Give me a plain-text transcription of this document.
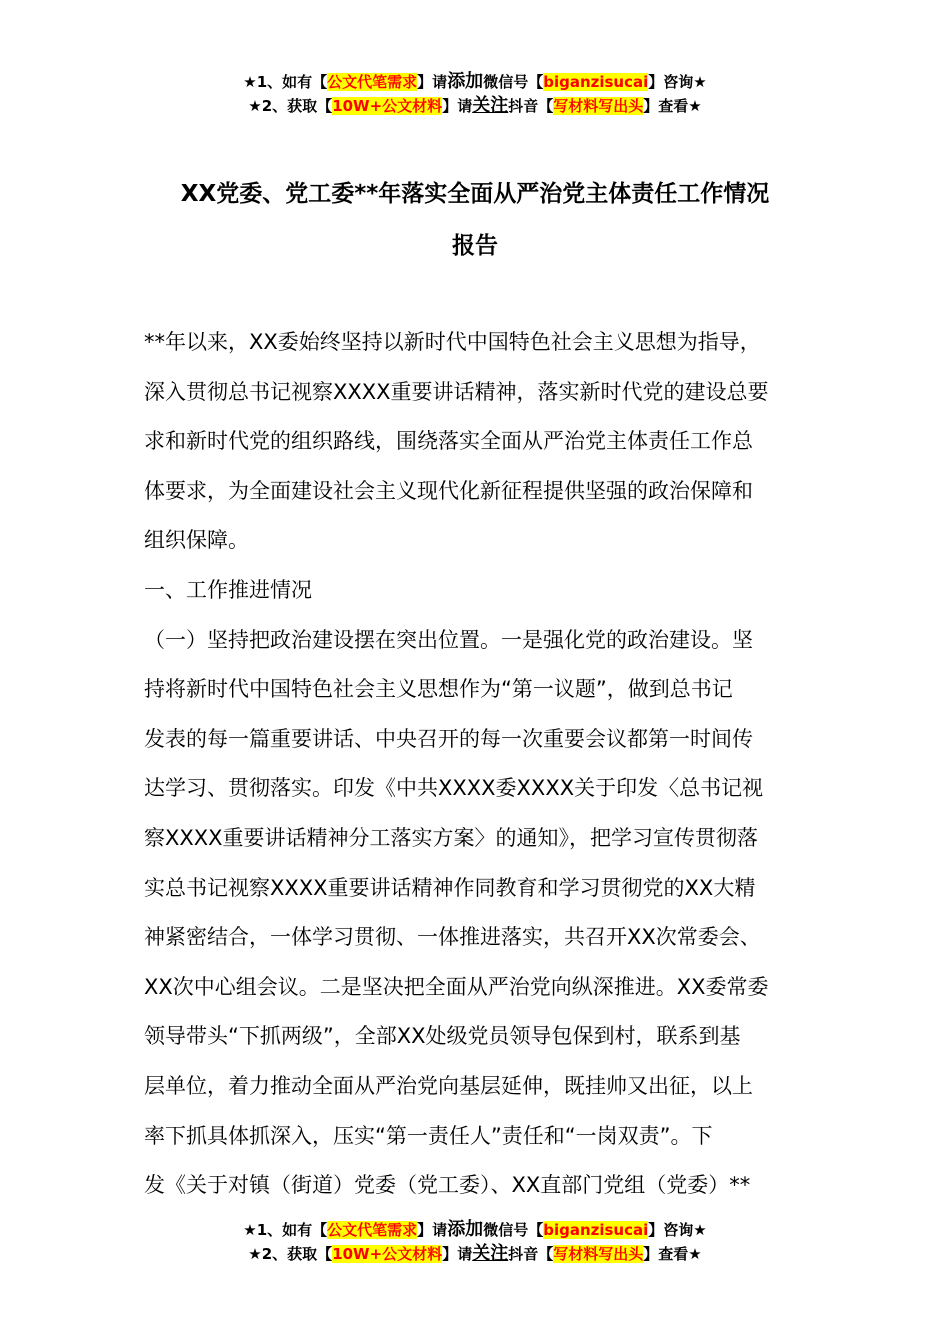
★1、如有【公文代笔需求】请添加微信号【biganzisucai】咨询★
★2、获取【10W+公文材料】请关注抖音【写材料写出头】查看★
XX党委、党工委**年落实全面从严治党主体责任工作情况
报告
**年以来，XX委始终坚持以新时代中国特色社会主义思想为指导，
深入贯彻总书记视察XXXX重要讲话精神，落实新时代党的建设总要
求和新时代党的组织路线，围绕落实全面从严治党主体责任工作总
体要求，为全面建设社会主义现代化新征程提供坚强的政治保障和
组织保障。
一、工作推进情况
（一）坚持把政治建设摆在突出位置。一是强化党的政治建设。坚
持将新时代中国特色社会主义思想作为“第一议题”，做到总书记
发表的每一篇重要讲话、中央召开的每一次重要会议都第一时间传
达学习、贯彻落实。印发《中共XXXX委XXXX关于印发〈总书记视
察XXXX重要讲话精神分工落实方案〉的通知》，把学习宣传贯彻落
实总书记视察XXXX重要讲话精神作同教育和学习贯彻党的XX大精
神紧密结合，一体学习贯彻、一体推进落实，共召开XX次常委会、
XX次中心组会议。二是坚决把全面从严治党向纵深推进。XX委常委
领导带头“下抓两级”，全部XX处级党员领导包保到村，联系到基
层单位，着力推动全面从严治党向基层延伸，既挂帅又出征，以上
率下抓具体抓深入，压实“第一责任人”责任和“一岗双责”。下
发《关于对镇（街道）党委（党工委）、XX直部门党组（党委）**
★1、如有【公文代笔需求】请添加微信号【biganzisucai】咨询★
★2、获取【10W+公文材料】请关注抖音【写材料写出头】查看★
